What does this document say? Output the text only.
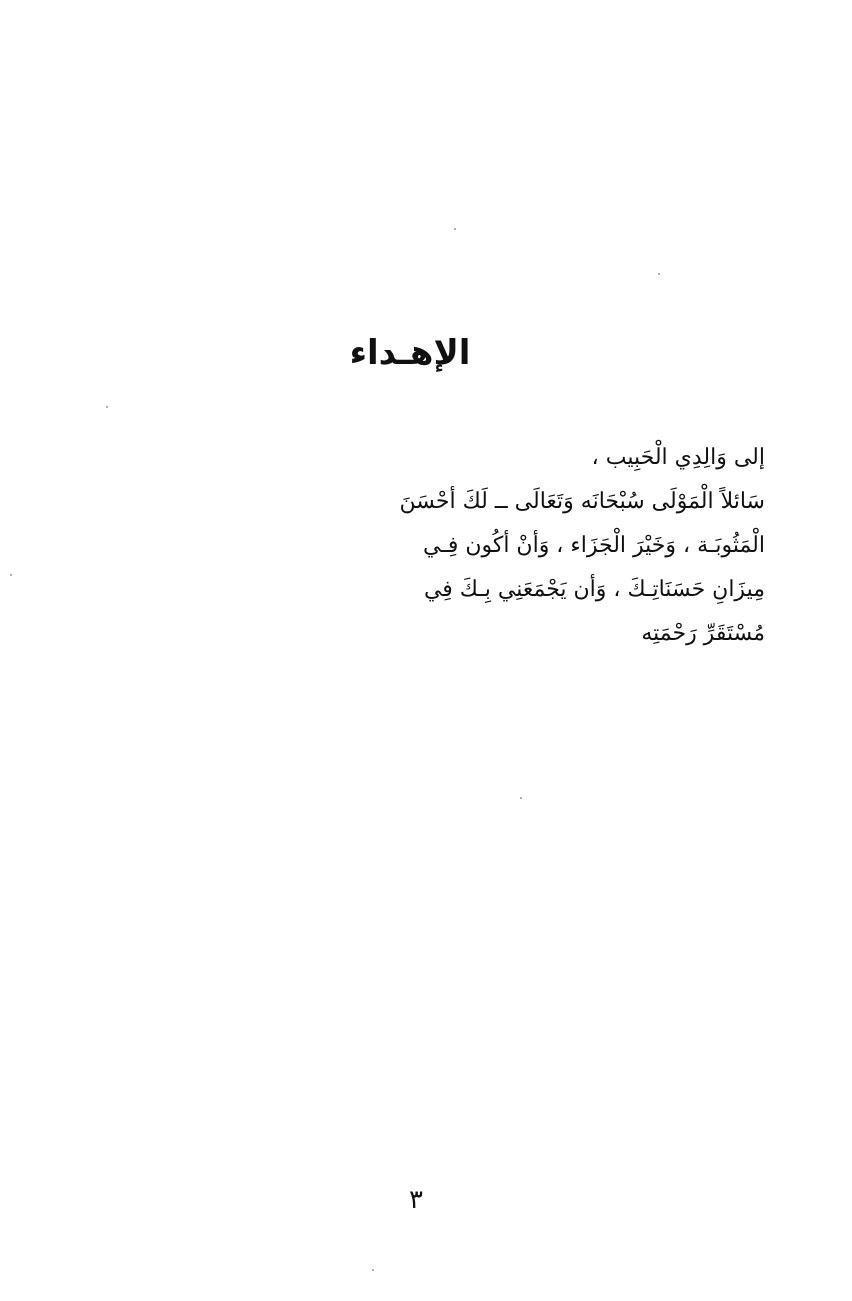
الإهـداء
إلى وَالِدِي الْحَبِيب ،
سَائلاً الْمَوْلَى سُبْحَانَه وَتَعَالَى ــ لَكَ أحْسَنَ
الْمَثُوبَـة ، وَخَيْرَ الْجَزَاء ، وَأنْ أكُون فِـي
مِيزَانِ حَسَنَاتِـكَ ، وَأن يَجْمَعَنِي بِـكَ فِي
مُسْتَقَرِّ رَحْمَتِه
٣
